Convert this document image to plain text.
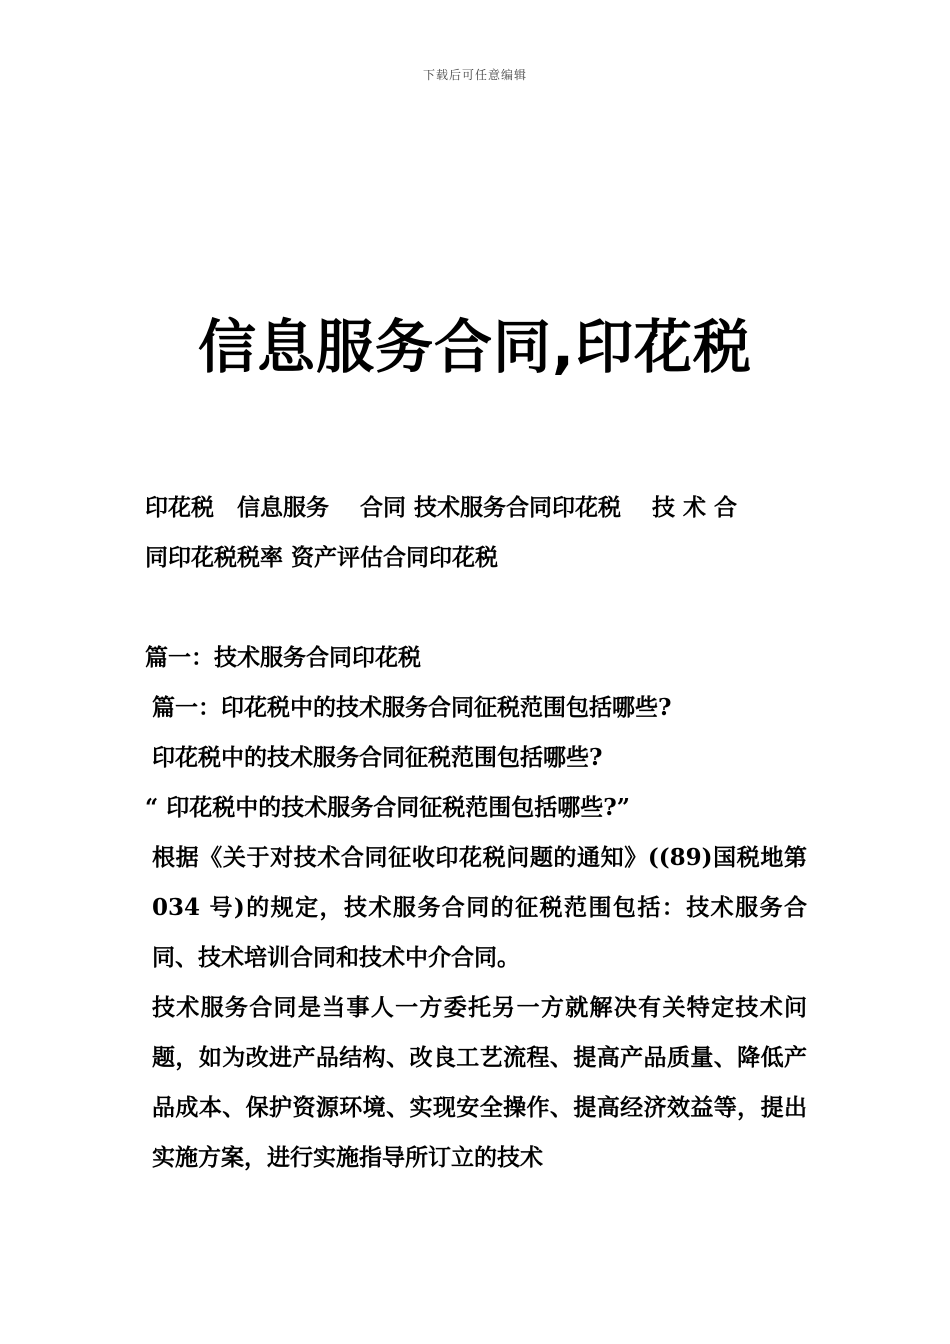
下载后可任意编辑
信息服务合同,印花税
印花税　信息服务　 合同 技术服务合同印花税　 技 术 合
同印花税税率 资产评估合同印花税
篇一：技术服务合同印花税
篇一：印花税中的技术服务合同征税范围包括哪些?
印花税中的技术服务合同征税范围包括哪些?
“ 印花税中的技术服务合同征税范围包括哪些?”
根据《关于对技术合同征收印花税问题的通知》((89)国税地第 034 号)的规定，技术服务合同的征税范围包括：技术服务合同、技术培训合同和技术中介合同。
技术服务合同是当事人一方委托另一方就解决有关特定技术问题，如为改进产品结构、改良工艺流程、提高产品质量、降低产品成本、保护资源环境、实现安全操作、提高经济效益等，提出实施方案，进行实施指导所订立的技术
